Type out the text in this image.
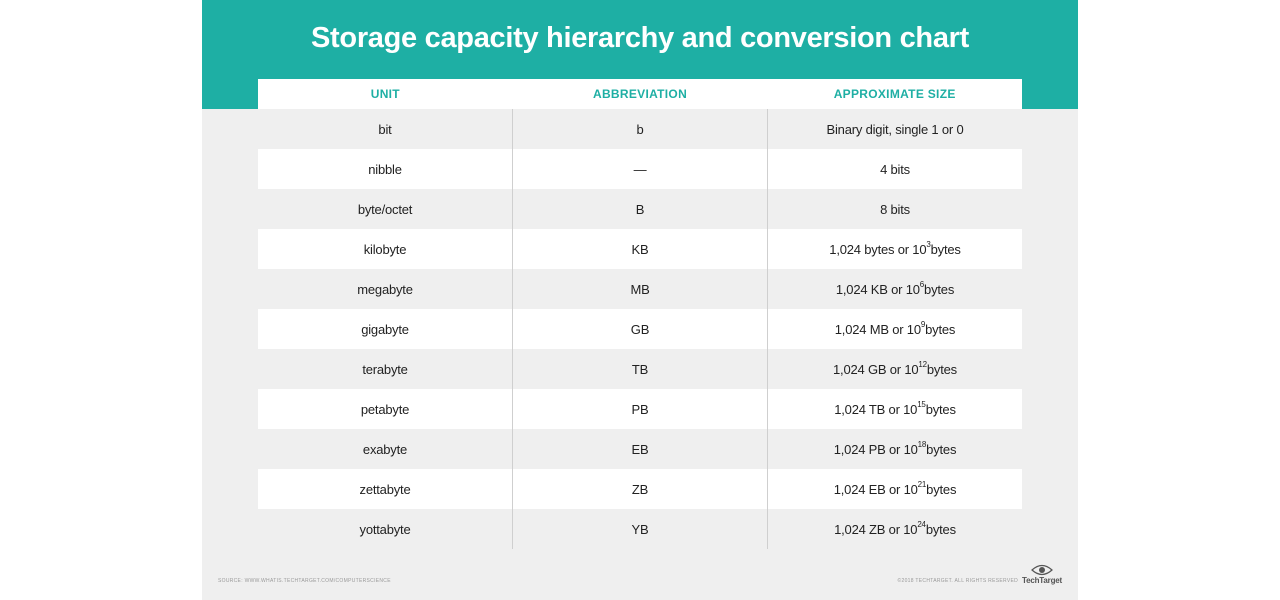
Storage capacity hierarchy and conversion chart
UNIT	ABBREVIATION	APPROXIMATE SIZE
bit	b	Binary digit, single 1 or 0
nibble	—	4 bits
byte/octet	B	8 bits
kilobyte	KB	1,024 bytes or $10^3$ bytes
megabyte	MB	1,024 KB or $10^6$ bytes
gigabyte	GB	1,024 MB or $10^9$ bytes
terabyte	TB	1,024 GB or $10^{12}$ bytes
petabyte	PB	1,024 TB or $10^{15}$ bytes
exabyte	EB	1,024 PB or $10^{18}$ bytes
zettabyte	ZB	1,024 EB or $10^{21}$ bytes
yottabyte	YB	1,024 ZB or $10^{24}$ bytes
SOURCE: WWW.WHATIS.TECHTARGET.COM/COMPUTERSCIENCE	©2018 TECHTARGET. ALL RIGHTS RESERVED TechTarget
